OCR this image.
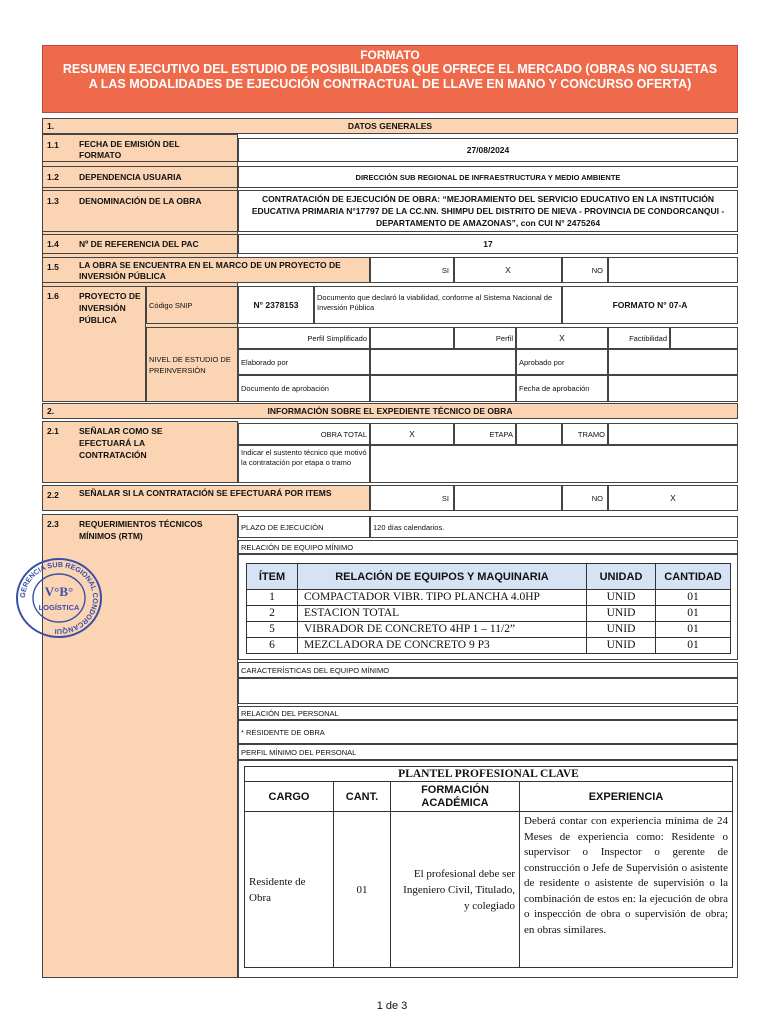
FORMATO
RESUMEN EJECUTIVO DEL ESTUDIO DE POSIBILIDADES QUE OFRECE EL MERCADO (OBRAS NO SUJETAS A LAS MODALIDADES DE EJECUCIÓN CONTRACTUAL DE LLAVE EN MANO Y CONCURSO OFERTA)
1.	DATOS GENERALES
1.1 FECHA DE EMISIÓN DEL FORMATO	27/08/2024
1.2 DEPENDENCIA USUARIA	DIRECCIÓN SUB REGIONAL DE INFRAESTRUCTURA Y MEDIO AMBIENTE
1.3 DENOMINACIÓN DE LA OBRA	CONTRATACIÓN DE EJECUCIÓN DE OBRA: “MEJORAMIENTO DEL SERVICIO EDUCATIVO EN LA INSTITUCIÓN EDUCATIVA PRIMARIA N°17797 DE LA CC.NN. SHIMPU DEL DISTRITO DE NIEVA - PROVINCIA DE CONDORCANQUI - DEPARTAMENTO DE AMAZONAS”, con CUI N° 2475264
1.4 Nº DE REFERENCIA DEL PAC	17
1.5 LA OBRA SE ENCUENTRA EN EL MARCO DE UN PROYECTO DE INVERSIÓN PÚBLICA
SI	X	NO
1.6 PROYECTO DE INVERSIÓN PÚBLICA
Código SNIP	N° 2378153
Documento que declaró la viabilidad, conforme al Sistema Nacional de Inversión Pública	FORMATO N° 07-A
NIVEL DE ESTUDIO DE PREINVERSIÓN
Perfil Simplificado	Perfil	X	Factibilidad
Elaborado por	Aprobado por
Documento de aprobación	Fecha de aprobación
2.	INFORMACIÓN SOBRE EL EXPEDIENTE TÉCNICO DE OBRA
2.1 SEÑALAR COMO SE EFECTUARÁ LA CONTRATACIÓN
OBRA TOTAL	X	ETAPA	TRAMO
Indicar el sustento técnico que motivó la contratación por etapa o tramo
2.2 SEÑALAR SI LA CONTRATACIÓN SE EFECTUARÁ POR ITEMS	SI	NO	X
2.3 REQUERIMIENTOS TÉCNICOS MÍNIMOS (RTM)
PLAZO DE EJECUCIÓN	120 días calendarios.
RELACIÓN DE EQUIPO MÍNIMO
ÍTEM	RELACIÓN DE EQUIPOS Y MAQUINARIA	UNIDAD	CANTIDAD
1	COMPACTADOR VIBR. TIPO PLANCHA 4.0HP	UNID	01
2	ESTACION TOTAL	UNID	01
5	VIBRADOR DE CONCRETO 4HP 1 – 11/2”	UNID	01
6	MEZCLADORA DE CONCRETO 9 P3	UNID	01
CARACTERÍSTICAS DEL EQUIPO MÍNIMO
RELACIÓN DEL PERSONAL
* RESIDENTE DE OBRA
PERFIL MÍNIMO DEL PERSONAL
PLANTEL PROFESIONAL CLAVE			
CARGO	CANT.	FORMACIÓN ACADÉMICA	EXPERIENCIA
Residente de Obra	01	El profesional debe ser Ingeniero Civil, Titulado, y colegiado	Deberá contar con experiencia mínima de 24 Meses de experiencia como: Residente o supervisor o Inspector o gerente de construcción o Jefe de Supervisión o asistente de residente o asistente de supervisión o la combinación de estos en: la ejecución de obra o inspección de obra o supervisión de obra; en obras similares.
GERENCIA SUB REGIONAL CONDORCANQUI
V°B°
LOGÍSTICA
1 de 3
